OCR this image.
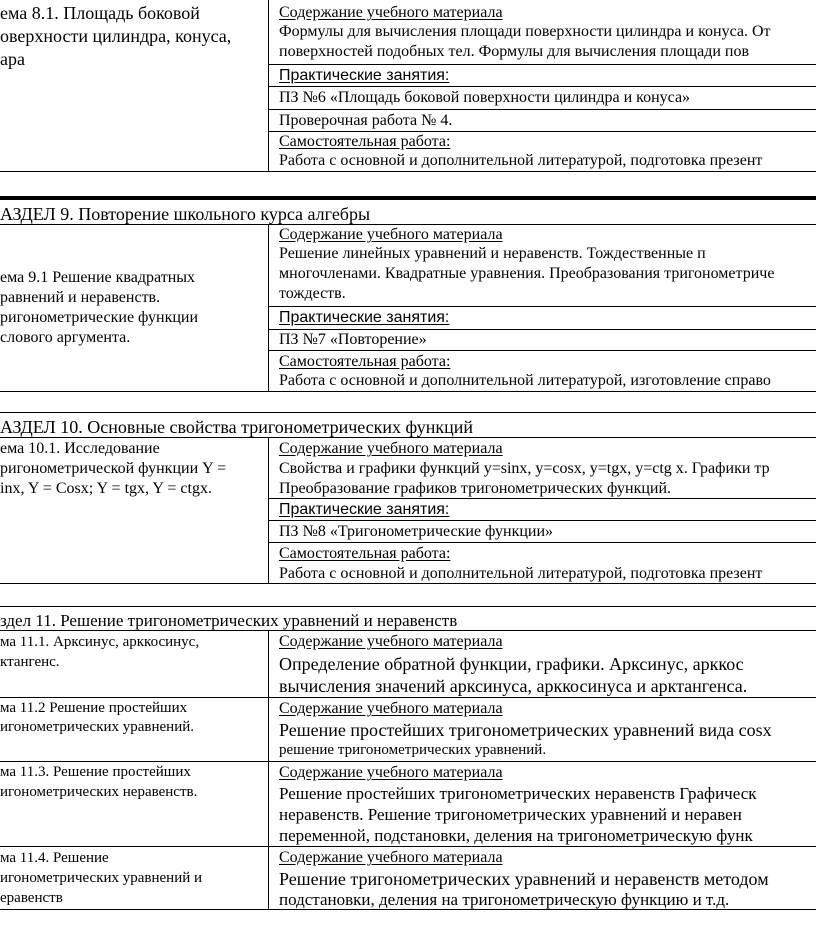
ема 8.1. Площадь боковой
оверхности цилиндра, конуса,
ара
Содержание учебного материала
Формулы для вычисления площади поверхности цилиндра и конуса. От
поверхностей подобных тел. Формулы для вычисления площади пов
Практические занятия:
ПЗ №6 «Площадь боковой поверхности цилиндра и конуса»
Проверочная работа № 4.
Самостоятельная работа:
Работа с основной и дополнительной литературой, подготовка презент
АЗДЕЛ 9. Повторение школьного курса алгебры
ема 9.1 Решение квадратных
равнений и неравенств.
ригонометрические функции
слового аргумента.
Содержание учебного материала
Решение линейных уравнений и неравенств. Тождественные п
многочленами. Квадратные уравнения. Преобразования тригонометриче
тождеств.
Практические занятия:
ПЗ №7 «Повторение»
Самостоятельная работа:
Работа с основной и дополнительной литературой, изготовление справо
АЗДЕЛ 10. Основные свойства тригонометрических функций
ема 10.1. Исследование
ригонометрической функции Y =
inx, Y = Cosx; Y = tgx, Y = ctgx.
Содержание учебного материала
Свойства и графики функций y=sinx, y=cosx, y=tgx, y=ctg x. Графики тр
Преобразование графиков тригонометрических функций.
Практические занятия:
ПЗ №8 «Тригонометрические функции»
Самостоятельная работа:
Работа с основной и дополнительной литературой, подготовка презент
здел 11. Решение тригонометрических уравнений и неравенств
ма 11.1. Арксинус, арккосинус,
ктангенс.
Содержание учебного материала
Определение обратной функции, графики. Арксинус, арккос
вычисления значений арксинуса, арккосинуса и арктангенса.
ма 11.2 Решение простейших
игонометрических уравнений.
Содержание учебного материала
Решение простейших тригонометрических уравнений вида cosx
решение тригонометрических уравнений.
ма 11.3. Решение простейших
игонометрических неравенств.
Содержание учебного материала
Решение простейших тригонометрических неравенств Графическ
неравенств. Решение тригонометрических уравнений и неравен
переменной, подстановки, деления на тригонометрическую функ
ма 11.4. Решение
игонометрических уравнений и
еравенств
Содержание учебного материала
Решение тригонометрических уравнений и неравенств методом
подстановки, деления на тригонометрическую функцию и т.д.
